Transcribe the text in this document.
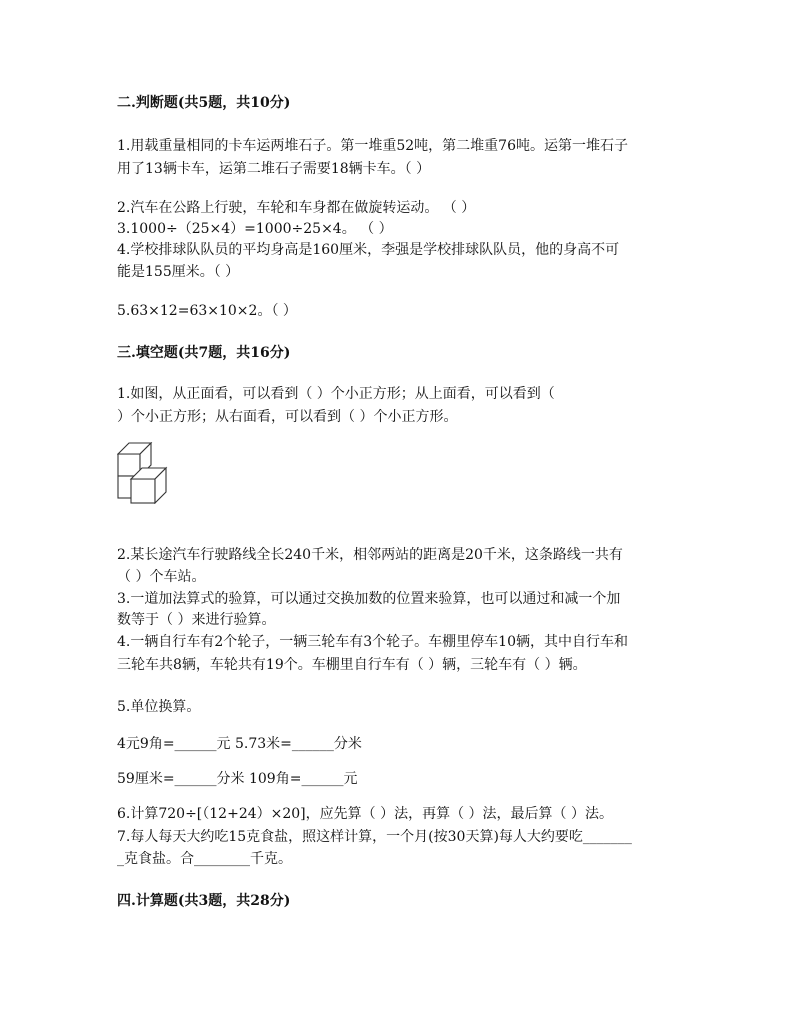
二.判断题(共5题，共10分)
1.用载重量相同的卡车运两堆石子。第一堆重52吨，第二堆重76吨。运第一堆石子
用了13辆卡车，运第二堆石子需要18辆卡车。（ ）
2.汽车在公路上行驶，车轮和车身都在做旋转运动。 （ ）
3.1000÷（25×4）=1000÷25×4。 （ ）
4.学校排球队队员的平均身高是160厘米，李强是学校排球队队员，他的身高不可
能是155厘米。（ ）
5.63×12=63×10×2。（ ）
三.填空题(共7题，共16分)
1.如图，从正面看，可以看到（ ）个小正方形；从上面看，可以看到（
）个小正方形；从右面看，可以看到（ ）个小正方形。
2.某长途汽车行驶路线全长240千米，相邻两站的距离是20千米，这条路线一共有
（ ）个车站。
3.一道加法算式的验算，可以通过交换加数的位置来验算，也可以通过和减一个加
数等于（ ）来进行验算。
4.一辆自行车有2个轮子，一辆三轮车有3个轮子。车棚里停车10辆，其中自行车和
三轮车共8辆，车轮共有19个。车棚里自行车有（ ）辆，三轮车有（ ）辆。
5.单位换算。
4元9角=______元 5.73米=______分米
59厘米=______分米 109角=______元
6.计算720÷[（12+24）×20]，应先算（ ）法，再算（ ）法，最后算（ ）法。
7.每人每天大约吃15克食盐，照这样计算，一个月(按30天算)每人大约要吃_______
_克食盐。合________千克。
四.计算题(共3题，共28分)
